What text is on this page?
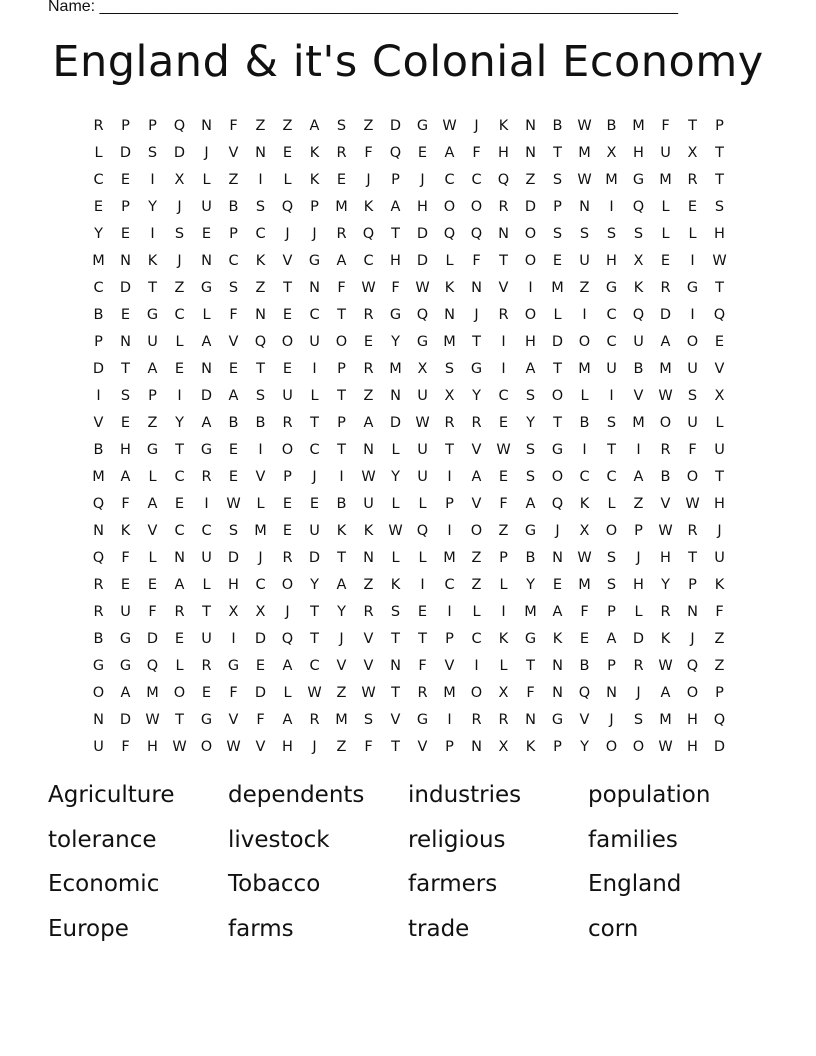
Name: _________________________________________________________________
England & it's Colonial Economy
R	P	P	Q	N	F	Z	Z	A	S	Z	D	G W	J	K	N	B	W	B	M	F	T	P
L	D	S	D	J	V	N	E	K	R	F	Q	E	A	F	H	N	T	M	X	H	U	X	T
C	E	I	X	L	Z	I	L	K	E	J	P	J	C	C	Q	Z	S	W M	G	M	R	T
E	P	Y	J	U	B	S	Q	P	M	K	A	H	O	O	R	D	P	N	I	Q	L	E	S
Y	E	I	S	E	P	C	J	J	R	Q	T	D	Q	Q	N	O	S	S	S	S	L	L	H
M	N	K	J	N	C	K	V	G	A	C	H	D	L	F	T	O	E	U	H	X	E	I	W
C	D	T	Z	G	S	Z	T	N	F	W	F	W	K	N	V	I	M	Z	G	K	R	G	T
B	E	G	C	L	F	N	E	C	T	R	G	Q	N	J	R	O	L	I	C	Q	D	I	Q
P	N	U	L	A	V	Q	O	U	O	E	Y	G	M	T	I	H	D	O	C	U	A	O	E
D	T	A	E	N	E	T	E	I	P	R	M	X	S	G	I	A	T	M	U	B	M	U	V
I	S	P	I	D	A	S	U	L	T	Z	N	U	X	Y	C	S	O	L	I	V	W	S	X
V	E	Z	Y	A	B	B	R	T	P	A	D W	R	R	E	Y	T	B	S	M	O	U	L
B	H	G	T	G	E	I	O	C	T	N	L	U	T	V	W	S	G	I	T	I	R	F	U
M	A	L	C	R	E	V	P	J	I	W	Y	U	I	A	E	S	O	C	C	A	B	O	T
Q	F	A	E	I	W	L	E	E	B	U	L	L	P	V	F	A	Q	K	L	Z	V	W H
N	K	V	C	C	S	M	E	U	K	K	W Q	I	O	Z	G	J	X	O	P	W	R	J
Q	F	L	N	U	D	J	R	D	T	N	L	L	M	Z	P	B	N W	S	J	H	T	U
R	E	E	A	L	H	C	O	Y	A	Z	K	I	C	Z	L	Y	E	M	S	H	Y	P	K
R	U	F	R	T	X	X	J	T	Y	R	S	E	I	L	I	M	A	F	P	L	R	N	F
B	G	D	E	U	I	D	Q	T	J	V	T	T	P	C	K	G	K	E	A	D	K	J	Z
G	G	Q	L	R	G	E	A	C	V	V	N	F	V	I	L	T	N	B	P	R	W Q	Z
O	A	M	O	E	F	D	L	W	Z	W	T	R	M	O	X	F	N	Q	N	J	A	O	P
N	D W	T	G	V	F	A	R	M	S	V	G	I	R	R	N	G	V	J	S	M	H	Q
U	F	H W O W	V	H	J	Z	F	T	V	P	N	X	K	P	Y	O	O W H	D
Agriculture	dependents	industries	population
tolerance	livestock	religious	families
Economic	Tobacco	farmers	England
Europe	farms	trade	corn
